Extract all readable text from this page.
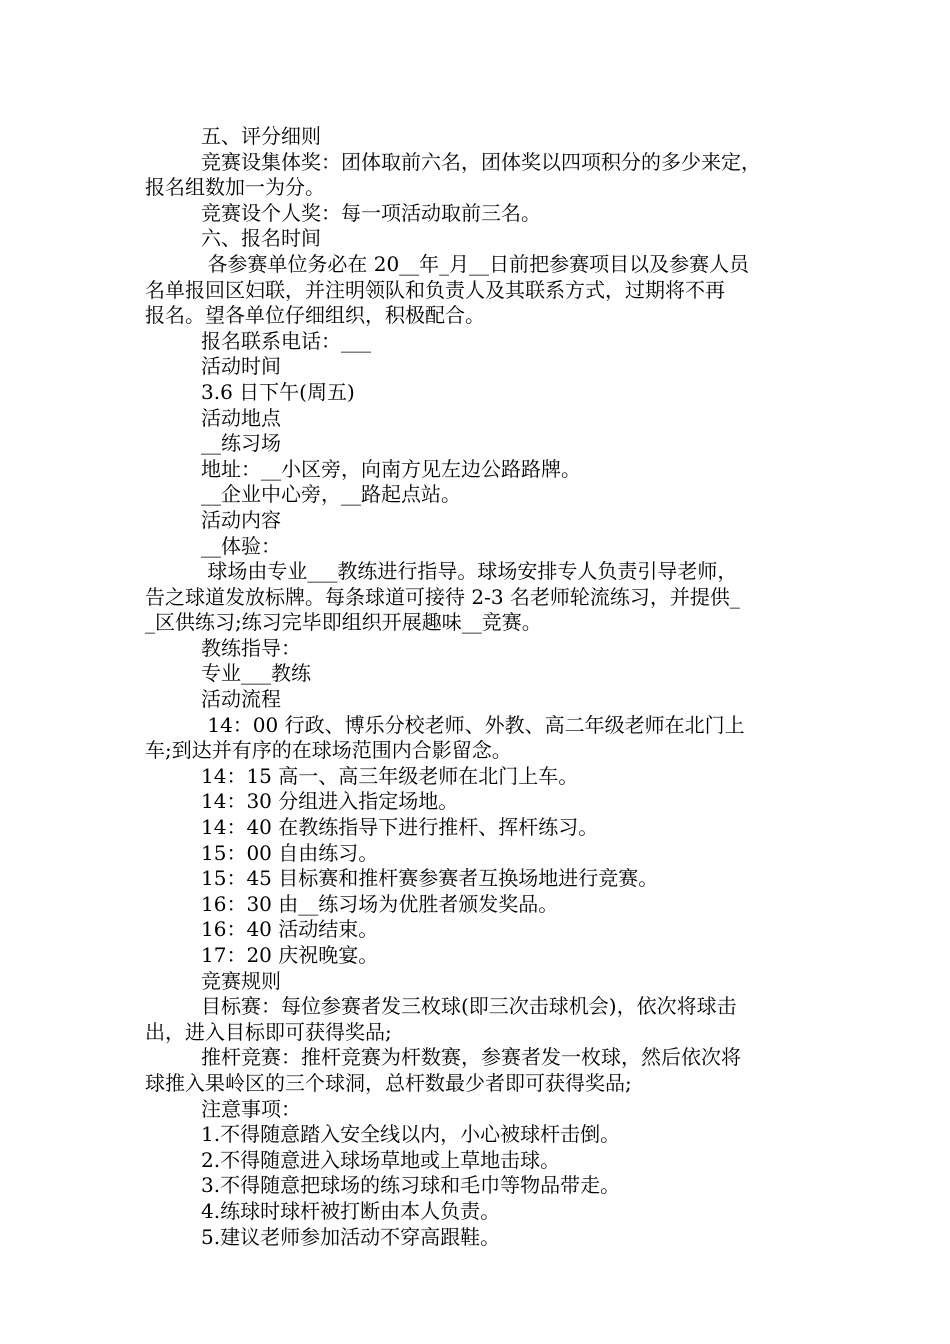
五、评分细则
竞赛设集体奖：团体取前六名，团体奖以四项积分的多少来定，
报名组数加一为分。
竞赛设个人奖：每一项活动取前三名。
六、报名时间
各参赛单位务必在 20__年_月__日前把参赛项目以及参赛人员
名单报回区妇联，并注明领队和负责人及其联系方式，过期将不再
报名。望各单位仔细组织，积极配合。
报名联系电话：___
活动时间
3.6 日下午(周五)
活动地点
__练习场
地址：__小区旁，向南方见左边公路路牌。
__企业中心旁，__路起点站。
活动内容
__体验：
球场由专业___教练进行指导。球场安排专人负责引导老师，
告之球道发放标牌。每条球道可接待 2-3 名老师轮流练习，并提供_
_区供练习;练习完毕即组织开展趣味__竞赛。
教练指导：
专业___教练
活动流程
14：00 行政、博乐分校老师、外教、高二年级老师在北门上
车;到达并有序的在球场范围内合影留念。
14：15 高一、高三年级老师在北门上车。
14：30 分组进入指定场地。
14：40 在教练指导下进行推杆、挥杆练习。
15：00 自由练习。
15：45 目标赛和推杆赛参赛者互换场地进行竞赛。
16：30 由__练习场为优胜者颁发奖品。
16：40 活动结束。
17：20 庆祝晚宴。
竞赛规则
目标赛：每位参赛者发三枚球(即三次击球机会)，依次将球击
出，进入目标即可获得奖品;
推杆竞赛：推杆竞赛为杆数赛，参赛者发一枚球，然后依次将
球推入果岭区的三个球洞，总杆数最少者即可获得奖品;
注意事项：
1.不得随意踏入安全线以内，小心被球杆击倒。
2.不得随意进入球场草地或上草地击球。
3.不得随意把球场的练习球和毛巾等物品带走。
4.练球时球杆被打断由本人负责。
5.建议老师参加活动不穿高跟鞋。
